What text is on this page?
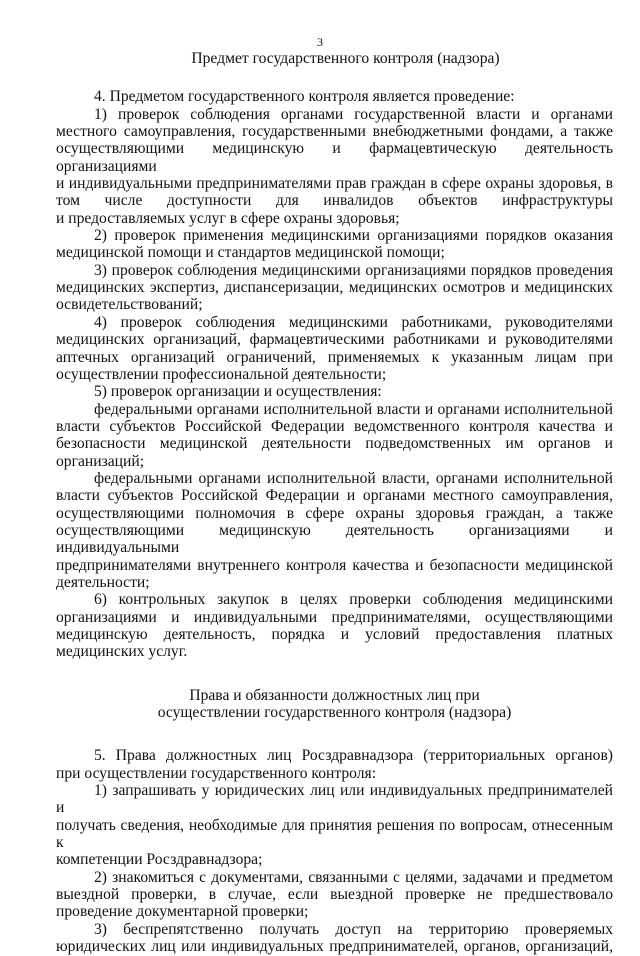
3
Предмет государственного контроля (надзора)
4. Предметом государственного контроля является проведение:
1) проверок соблюдения органами государственной власти и органами
местного самоуправления, государственными внебюджетными фондами, а также
осуществляющими медицинскую и фармацевтическую деятельность организациями
и индивидуальными предпринимателями прав граждан в сфере охраны здоровья, в
том числе доступности для инвалидов объектов инфраструктуры
и предоставляемых услуг в сфере охраны здоровья;
2) проверок применения медицинскими организациями порядков оказания
медицинской помощи и стандартов медицинской помощи;
3) проверок соблюдения медицинскими организациями порядков проведения
медицинских экспертиз, диспансеризации, медицинских осмотров и медицинских
освидетельствований;
4) проверок соблюдения медицинскими работниками, руководителями
медицинских организаций, фармацевтическими работниками и руководителями
аптечных организаций ограничений, применяемых к указанным лицам при
осуществлении профессиональной деятельности;
5) проверок организации и осуществления:
федеральными органами исполнительной власти и органами исполнительной
власти субъектов Российской Федерации ведомственного контроля качества и
безопасности медицинской деятельности подведомственных им органов и
организаций;
федеральными органами исполнительной власти, органами исполнительной
власти субъектов Российской Федерации и органами местного самоуправления,
осуществляющими полномочия в сфере охраны здоровья граждан, а также
осуществляющими медицинскую деятельность организациями и индивидуальными
предпринимателями внутреннего контроля качества и безопасности медицинской
деятельности;
6) контрольных закупок в целях проверки соблюдения медицинскими
организациями и индивидуальными предпринимателями, осуществляющими
медицинскую деятельность, порядка и условий предоставления платных
медицинских услуг.
Права и обязанности должностных лиц при
осуществлении государственного контроля (надзора)
5. Права должностных лиц Росздравнадзора (территориальных органов)
при осуществлении государственного контроля:
1) запрашивать у юридических лиц или индивидуальных предпринимателей и
получать сведения, необходимые для принятия решения по вопросам, отнесенным к
компетенции Росздравнадзора;
2) знакомиться с документами, связанными с целями, задачами и предметом
выездной проверки, в случае, если выездной проверке не предшествовало
проведение документарной проверки;
3) беспрепятственно получать доступ на территорию проверяемых
юридических лиц или индивидуальных предпринимателей, органов, организаций,
